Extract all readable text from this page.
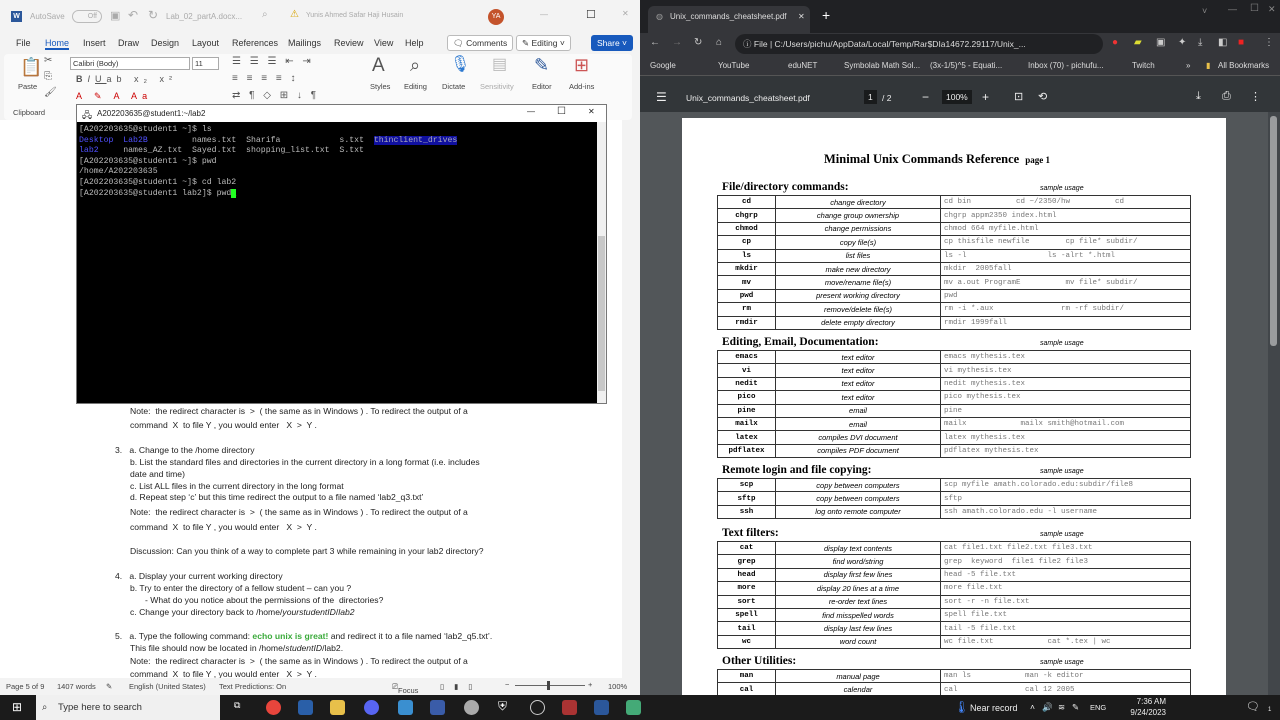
W AutoSave	Off	▣ ↶ ↻ Lab_02_partA.docx... ⌕ ⚠ Yunis Ahmed Safar Haji Husain	YA	—	☐	✕
File Home Insert Draw Design Layout References Mailings Review View Help	🗨 Comments	✎ Editing ˅	Share ˅
📋
Paste
✂
⎘
🖌
Clipboard
Calibri (Body)	11
BIUab x₂ x²
A ✎ A Aa
☰ ☰ ☰ ⇤ ⇥
≡ ≡ ≡ ≡ ↕
⇄ ¶ ◇ ⊞ ↓ ¶
A
Styles
⌕
Editing
🎙
Dictate
▤
Sensitivity
✎
Editor
⊞
Add-ins
Note:  the redirect character is  >  ( the same as in Windows ) . To redirect the output of a
command  X  to file Y , you would enter   X  >  Y .
3.   a. Change to the /home directory
b. List the standard files and directories in the current directory in a long format (i.e. includes
date and time)
c. List ALL files in the current directory in the long format
d. Repeat step ‘c’ but this time redirect the output to a file named ‘lab2_q3.txt’
Note:  the redirect character is  >  ( the same as in Windows ) . To redirect the output of a
command  X  to file Y , you would enter   X  >  Y .
Discussion: Can you think of a way to complete part 3 while remaining in your lab2 directory?
4.   a. Display your current working directory
b. Try to enter the directory of a fellow student – can you ?
- What do you notice about the permissions of the  directories?
c. Change your directory back to /home/yourstudentID/lab2
5.   a. Type the following command: echo unix is great! and redirect it to a file named ‘lab2_q5.txt’.
This file should now be located in /home/studentID/lab2.
Note:  the redirect character is  >  ( the same as in Windows ) . To redirect the output of a
command  X  to file Y , you would enter   X  >  Y .
Page 5 of 9 1407 words ✎ English (United States) Text Predictions: On	⎚ Focus	▯▮▯	−	+ 100%
🖧 A202203635@student1:~/lab2	— ☐	✕
[A202203635@student1 ~]$ ls
Desktop  Lab2B         names.txt  Sharifa            s.txt  thinclient_drives
lab2     names_AZ.txt  Sayed.txt  shopping_list.txt  S.txt
[A202203635@student1 ~]$ pwd
/home/A202203635
[A202203635@student1 ~]$ cd lab2
[A202203635@student1 lab2]$ pwd_
◍ Unix_commands_cheatsheet.pdf ✕ +	˅ — ☐ ✕
← → ↻ ⌂	ⓘ File | C:/Users/pichu/AppData/Local/Temp/Rar$DIa14672.29117/Unix_...	● ▰ ▣ ✦ ⤓ ◧ ■ ⋮
Google	YouTube	eduNET	Symbolab Math Sol... (3x-1/5)^5 - Equati...	Inbox (70) - pichufu...	Twitch	» ▮ All Bookmarks
☰ Unix_commands_cheatsheet.pdf	1	/ 2	−	100%	+ ⊡ ⟲	⤓ ⎙ ⋮
Minimal Unix Commands Reference page 1
File/directory commands:	sample usage
cd	change directory	cd bin          cd ~/2350/hw          cd
chgrp	change group ownership	chgrp appm2350 index.html
chmod	change permissions	chmod 664 myfile.html
cp	copy file(s)	cp thisfile newfile        cp file* subdir/
ls	list files	ls -l                  ls -alrt *.html
mkdir	make new directory	mkdir  2005fall
mv	move/rename file(s)	mv a.out ProgramE          mv file* subdir/
pwd	present working directory	pwd
rm	remove/delete file(s)	rm -i *.aux               rm -rf subdir/
rmdir	delete empty directory	rmdir 1999fall
Editing, Email, Documentation:	sample usage
emacs	text editor	emacs mythesis.tex
vi	text editor	vi mythesis.tex
nedit	text editor	nedit mythesis.tex
pico	text editor	pico mythesis.tex
pine	email	pine
mailx	email	mailx            mailx smith@hotmail.com
latex	compiles DVI document	latex mythesis.tex
pdflatex	compiles PDF document	pdflatex mythesis.tex
Remote login and file copying:	sample usage
scp	copy between computers	scp myfile amath.colorado.edu:subdir/file8
sftp	copy between computers	sftp
ssh	log onto remote computer	ssh amath.colorado.edu -l username
Text filters:	sample usage
cat	display text contents	cat file1.txt file2.txt file3.txt
grep	find word/string	grep  keyword  file1 file2 file3
head	display first few lines	head -5 file.txt
more	display 20 lines at a time	more file.txt
sort	re-order text lines	sort -r -n file.txt
spell	find misspelled words	spell file.txt
tail	display last few lines	tail -5 file.txt
wc	word count	wc file.txt            cat *.tex | wc
Other Utilities:	sample usage
man	manual page	man ls            man -k editor
cal	calendar	cal               cal 12 2005
⊞ ⌕ Type here to search	⧉	⛨	🌡 Near record ˄ 🔊 ≋ ✎ ENG
7:36 AM
9/24/2023	🗨 1
